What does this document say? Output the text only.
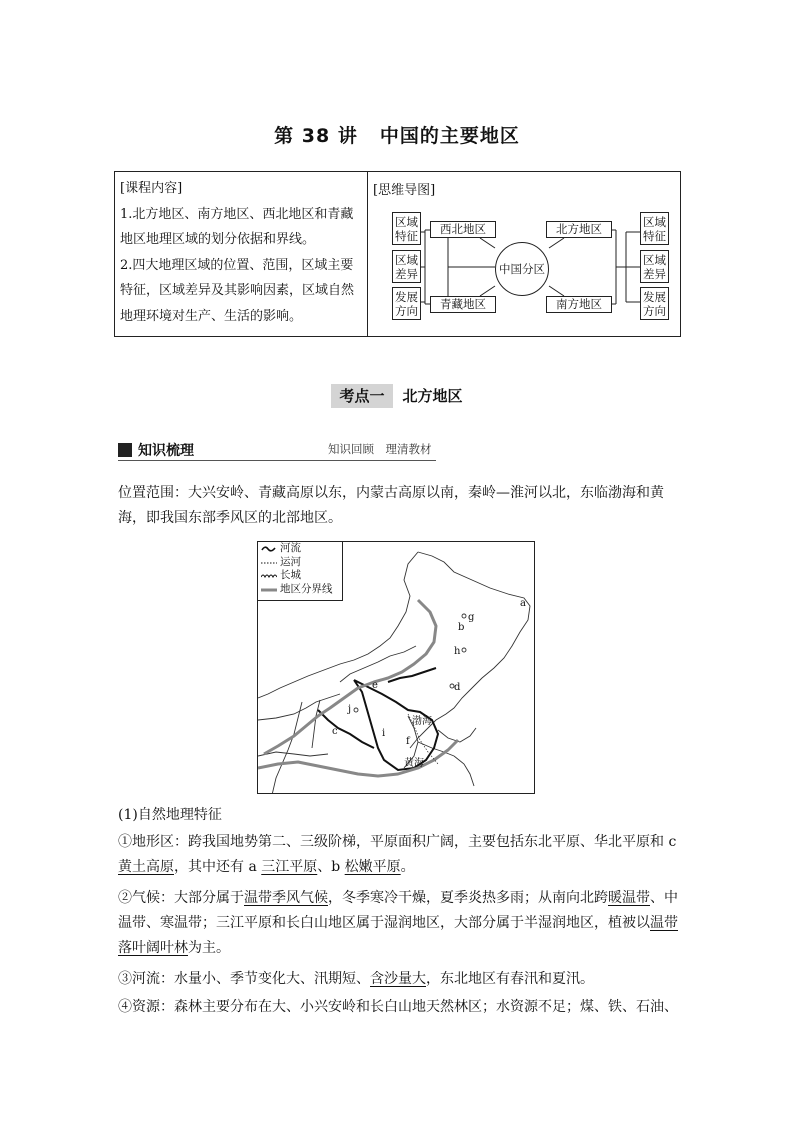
第 38 讲 中国的主要地区
[课程内容]
1.北方地区、南方地区、西北地区和青藏地区地理区域的划分依据和界线。
2.四大地理区域的位置、范围，区域主要特征，区域差异及其影响因素，区域自然地理环境对生产、生活的影响。
[思维导图]
区域
特征
区域
差异
发展
方向
西北地区
青藏地区
中国分区
北方地区
南方地区
区域
特征
区域
差异
发展
方向
考点一 北方地区
知识梳理	知识回顾　理清教材
位置范围：大兴安岭、青藏高原以东，内蒙古高原以南，秦岭—淮河以北，东临渤海和黄海，即我国东部季风区的北部地区。
河流
运河
长城
地区分界线
a
b
g
h
d
e
c
j
i
f
渤海
黄海
(1)自然地理特征
①地形区：跨我国地势第二、三级阶梯，平原面积广阔，主要包括东北平原、华北平原和 c 黄土高原，其中还有 a 三江平原、b 松嫩平原。
②气候：大部分属于温带季风气候，冬季寒冷干燥，夏季炎热多雨；从南向北跨暖温带、中温带、寒温带；三江平原和长白山地区属于湿润地区，大部分属于半湿润地区，植被以温带落叶阔叶林为主。
③河流：水量小、季节变化大、汛期短、含沙量大，东北地区有春汛和夏汛。
④资源：森林主要分布在大、小兴安岭和长白山地天然林区；水资源不足；煤、铁、石油、
